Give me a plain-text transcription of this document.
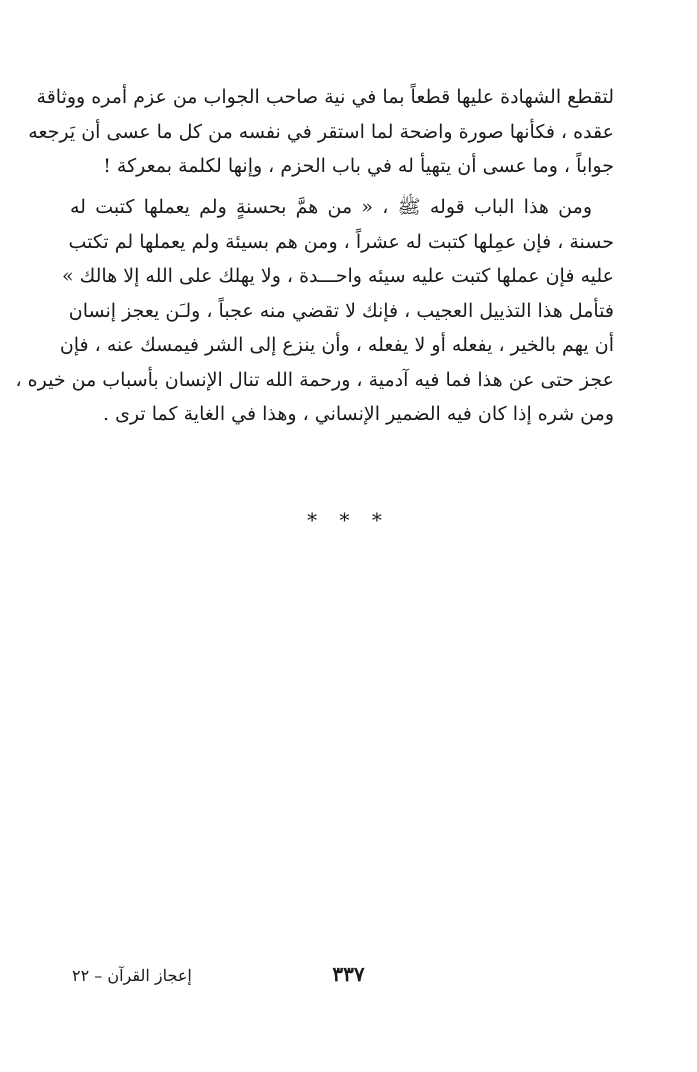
لتقطع الشهادة عليها قطعاً بما في نية صاحب الجواب من عزم أمره ووثاقة
عقده ، فكأنها صورة واضحة لما استقر في نفسه من كل ما عسى أن يَرجعه
جواباً ، وما عسى أن يتهيأ له في باب الحزم ، وإنها لكلمة بمعركة !
ومن هذا الباب قوله ﷺ ، « من همَّ بحسنةٍ ولم يعملها كتبت له
حسنة ، فإن عمِلها كتبت له عشراً ، ومن هم بسيئة ولم يعملها لم تكتب
عليه فإن عملها كتبت عليه سيئه واحـــدة ، ولا يهلك على الله إلا هالك »
فتأمل هذا التذييل العجيب ، فإنك لا تقضي منه عجباً ، ولـَن يعجز إنسان
أن يهم بالخير ، يفعله أو لا يفعله ، وأن ينزع إلى الشر فيمسك عنه ، فإن
عجز حتى عن هذا فما فيه آدمية ، ورحمة الله تنال الإنسان بأسباب من خيره ،
ومن شره إذا كان فيه الضمير الإنساني ، وهذا في الغاية كما ترى .
* * *
٣٣٧
إعجاز القرآن – ٢٢
